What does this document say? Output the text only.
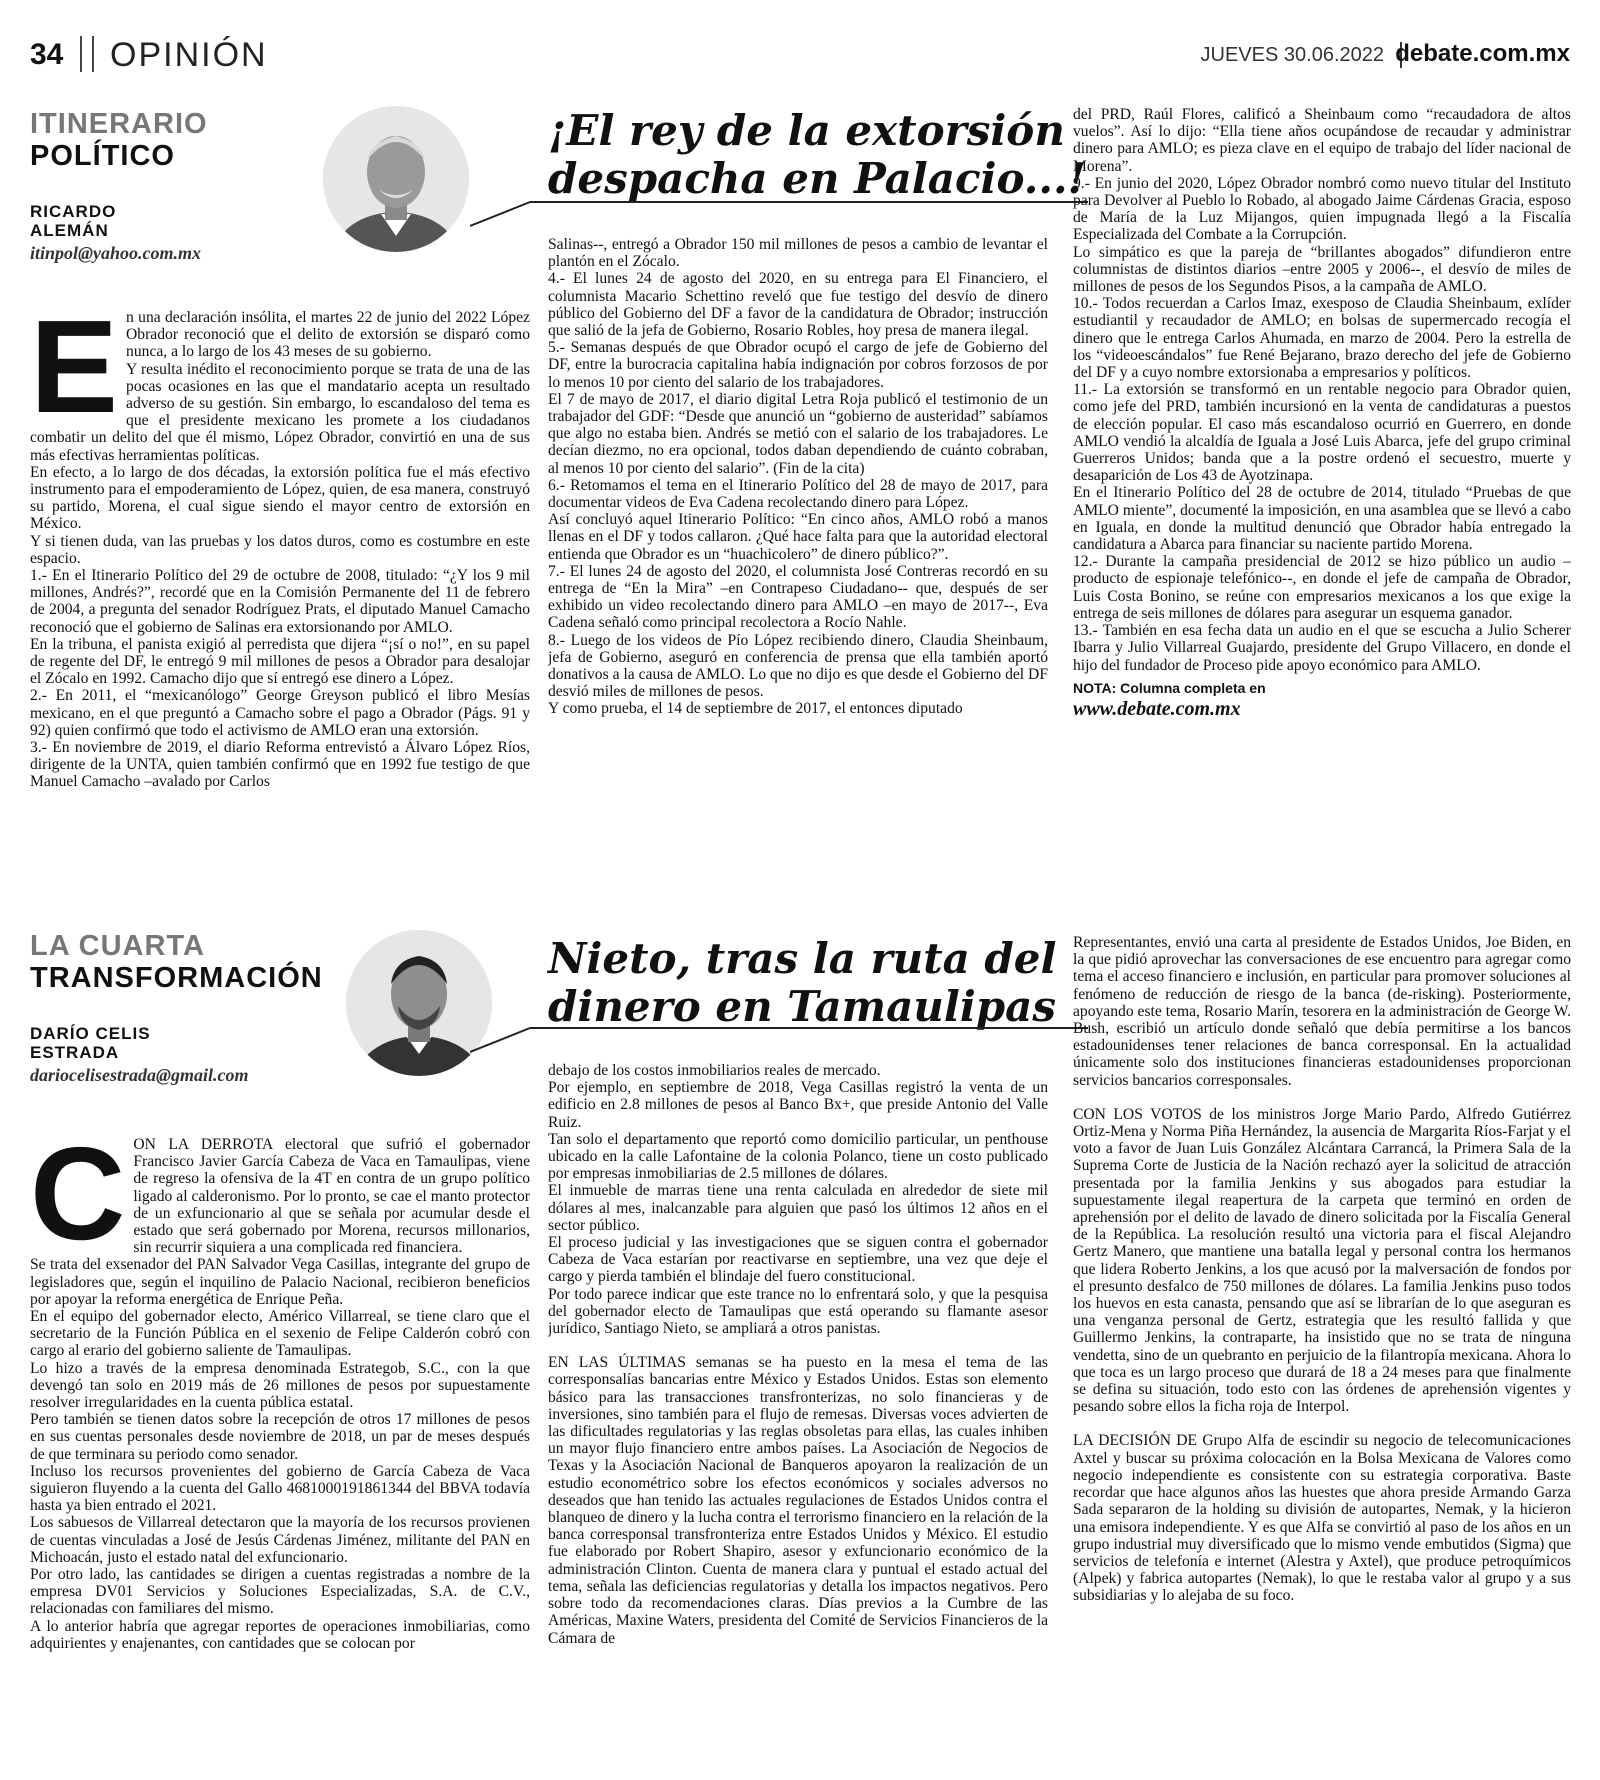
34 OPINIÓN	JUEVES 30.06.2022 debate.com.mx
ITINERARIO
POLÍTICO
RICARDO
ALEMÁN
itinpol@yahoo.com.mx
¡El rey de la extorsión
despacha en Palacio...!
E n una declaración insólita, el martes 22 de junio del 2022 López Obrador reconoció que el delito de extorsión se disparó como nunca, a lo largo de los 43 meses de su gobierno.

Y resulta inédito el reconocimiento porque se trata de una de las pocas ocasiones en las que el mandatario acepta un resultado adverso de su gestión. Sin embargo, lo escandaloso del tema es que el presidente mexicano les promete a los ciudadanos combatir un delito del que él mismo, López Obrador, convirtió en una de sus más efectivas herramientas políticas.

En efecto, a lo largo de dos décadas, la extorsión política fue el más efectivo instrumento para el empoderamiento de López, quien, de esa manera, construyó su partido, Morena, el cual sigue siendo el mayor centro de extorsión en México.

Y si tienen duda, van las pruebas y los datos duros, como es costumbre en este espacio.

1.- En el Itinerario Político del 29 de octubre de 2008, titulado: “¿Y los 9 mil millones, Andrés?”, recordé que en la Comisión Permanente del 11 de febrero de 2004, a pregunta del senador Rodríguez Prats, el diputado Manuel Camacho reconoció que el gobierno de Salinas era extorsionando por AMLO.

En la tribuna, el panista exigió al perredista que dijera “¡sí o no!”, en su papel de regente del DF, le entregó 9 mil millones de pesos a Obrador para desalojar el Zócalo en 1992. Camacho dijo que sí entregó ese dinero a López.

2.- En 2011, el “mexicanólogo” George Greyson publicó el libro Mesías mexicano, en el que preguntó a Camacho sobre el pago a Obrador (Págs. 91 y 92) quien confirmó que todo el activismo de AMLO eran una extorsión.

3.- En noviembre de 2019, el diario Reforma entrevistó a Álvaro López Ríos, dirigente de la UNTA, quien también confirmó que en 1992 fue testigo de que Manuel Camacho –avalado por Carlos

Salinas--, entregó a Obrador 150 mil millones de pesos a cambio de levantar el plantón en el Zócalo.

4.- El lunes 24 de agosto del 2020, en su entrega para El Financiero, el columnista Macario Schettino reveló que fue testigo del desvío de dinero público del Gobierno del DF a favor de la candidatura de Obrador; instrucción que salió de la jefa de Gobierno, Rosario Robles, hoy presa de manera ilegal.

5.- Semanas después de que Obrador ocupó el cargo de jefe de Gobierno del DF, entre la burocracia capitalina había indignación por cobros forzosos de por lo menos 10 por ciento del salario de los trabajadores.

El 7 de mayo de 2017, el diario digital Letra Roja publicó el testimonio de un trabajador del GDF: “Desde que anunció un “gobierno de austeridad” sabíamos que algo no estaba bien. Andrés se metió con el salario de los trabajadores. Le decían diezmo, no era opcional, todos daban dependiendo de cuánto cobraban, al menos 10 por ciento del salario”. (Fin de la cita)

6.- Retomamos el tema en el Itinerario Político del 28 de mayo de 2017, para documentar videos de Eva Cadena recolectando dinero para López.

Así concluyó aquel Itinerario Político: “En cinco años, AMLO robó a manos llenas en el DF y todos callaron. ¿Qué hace falta para que la autoridad electoral entienda que Obrador es un “huachicolero” de dinero público?”.

7.- El lunes 24 de agosto del 2020, el columnista José Contreras recordó en su entrega de “En la Mira” –en Contrapeso Ciudadano-- que, después de ser exhibido un video recolectando dinero para AMLO –en mayo de 2017--, Eva Cadena señaló como principal recolectora a Rocío Nahle.

8.- Luego de los videos de Pío López recibiendo dinero, Claudia Sheinbaum, jefa de Gobierno, aseguró en conferencia de prensa que ella también aportó donativos a la causa de AMLO. Lo que no dijo es que desde el Gobierno del DF desvió miles de millones de pesos.

Y como prueba, el 14 de septiembre de 2017, el entonces diputado

del PRD, Raúl Flores, calificó a Sheinbaum como “recaudadora de altos vuelos”. Así lo dijo: “Ella tiene años ocupándose de recaudar y administrar dinero para AMLO; es pieza clave en el equipo de trabajo del líder nacional de Morena”.

9.- En junio del 2020, López Obrador nombró como nuevo titular del Instituto para Devolver al Pueblo lo Robado, al abogado Jaime Cárdenas Gracia, esposo de María de la Luz Mijangos, quien impugnada llegó a la Fiscalía Especializada del Combate a la Corrupción.

Lo simpático es que la pareja de “brillantes abogados” difundieron entre columnistas de distintos diarios –entre 2005 y 2006--, el desvío de miles de millones de pesos de los Segundos Pisos, a la campaña de AMLO.

10.- Todos recuerdan a Carlos Imaz, exesposo de Claudia Sheinbaum, exlíder estudiantil y recaudador de AMLO; en bolsas de supermercado recogía el dinero que le entrega Carlos Ahumada, en marzo de 2004. Pero la estrella de los “videoescándalos” fue René Bejarano, brazo derecho del jefe de Gobierno del DF y a cuyo nombre extorsionaba a empresarios y políticos.

11.- La extorsión se transformó en un rentable negocio para Obrador quien, como jefe del PRD, también incursionó en la venta de candidaturas a puestos de elección popular. El caso más escandaloso ocurrió en Guerrero, en donde AMLO vendió la alcaldía de Iguala a José Luis Abarca, jefe del grupo criminal Guerreros Unidos; banda que a la postre ordenó el secuestro, muerte y desaparición de Los 43 de Ayotzinapa.

En el Itinerario Político del 28 de octubre de 2014, titulado “Pruebas de que AMLO miente”, documenté la imposición, en una asamblea que se llevó a cabo en Iguala, en donde la multitud denunció que Obrador había entregado la candidatura a Abarca para financiar su naciente partido Morena.

12.- Durante la campaña presidencial de 2012 se hizo público un audio –producto de espionaje telefónico--, en donde el jefe de campaña de Obrador, Luis Costa Bonino, se reúne con empresarios mexicanos a los que exige la entrega de seis millones de dólares para asegurar un esquema ganador.

13.- También en esa fecha data un audio en el que se escucha a Julio Scherer Ibarra y Julio Villarreal Guajardo, presidente del Grupo Villacero, en donde el hijo del fundador de Proceso pide apoyo económico para AMLO.

NOTA: Columna completa en

www.debate.com.mx

LA CUARTA
TRANSFORMACIÓN
DARÍO CELIS
ESTRADA
dariocelisestrada@gmail.com
Nieto, tras la ruta del
dinero en Tamaulipas
C ON LA DERROTA electoral que sufrió el gobernador Francisco Javier García Cabeza de Vaca en Tamaulipas, viene de regreso la ofensiva de la 4T en contra de un grupo político ligado al calderonismo. Por lo pronto, se cae el manto protector de un exfuncionario al que se señala por acumular desde el estado que será gobernado por Morena, recursos millonarios, sin recurrir siquiera a una complicada red financiera.

Se trata del exsenador del PAN Salvador Vega Casillas, integrante del grupo de legisladores que, según el inquilino de Palacio Nacional, recibieron beneficios por apoyar la reforma energética de Enrique Peña.

En el equipo del gobernador electo, Américo Villarreal, se tiene claro que el secretario de la Función Pública en el sexenio de Felipe Calderón cobró con cargo al erario del gobierno saliente de Tamaulipas.

Lo hizo a través de la empresa denominada Estrategob, S.C., con la que devengó tan solo en 2019 más de 26 millones de pesos por supuestamente resolver irregularidades en la cuenta pública estatal.

Pero también se tienen datos sobre la recepción de otros 17 millones de pesos en sus cuentas personales desde noviembre de 2018, un par de meses después de que terminara su periodo como senador.

Incluso los recursos provenientes del gobierno de García Cabeza de Vaca siguieron fluyendo a la cuenta del Gallo 4681000191861344 del BBVA todavía hasta ya bien entrado el 2021.

Los sabuesos de Villarreal detectaron que la mayoría de los recursos provienen de cuentas vinculadas a José de Jesús Cárdenas Jiménez, militante del PAN en Michoacán, justo el estado natal del exfuncionario.

Por otro lado, las cantidades se dirigen a cuentas registradas a nombre de la empresa DV01 Servicios y Soluciones Especializadas, S.A. de C.V., relacionadas con familiares del mismo.

A lo anterior habría que agregar reportes de operaciones inmobiliarias, como adquirientes y enajenantes, con cantidades que se colocan por

debajo de los costos inmobiliarios reales de mercado.

Por ejemplo, en septiembre de 2018, Vega Casillas registró la venta de un edificio en 2.8 millones de pesos al Banco Bx+, que preside Antonio del Valle Ruiz.

Tan solo el departamento que reportó como domicilio particular, un penthouse ubicado en la calle Lafontaine de la colonia Polanco, tiene un costo publicado por empresas inmobiliarias de 2.5 millones de dólares.

El inmueble de marras tiene una renta calculada en alrededor de siete mil dólares al mes, inalcanzable para alguien que pasó los últimos 12 años en el sector público.

El proceso judicial y las investigaciones que se siguen contra el gobernador Cabeza de Vaca estarían por reactivarse en septiembre, una vez que deje el cargo y pierda también el blindaje del fuero constitucional.

Por todo parece indicar que este trance no lo enfrentará solo, y que la pesquisa del gobernador electo de Tamaulipas que está operando su flamante asesor jurídico, Santiago Nieto, se ampliará a otros panistas.

EN LAS ÚLTIMAS semanas se ha puesto en la mesa el tema de las corresponsalías bancarias entre México y Estados Unidos. Estas son elemento básico para las transacciones transfronterizas, no solo financieras y de inversiones, sino también para el flujo de remesas. Diversas voces advierten de las dificultades regulatorias y las reglas obsoletas para ellas, las cuales inhiben un mayor flujo financiero entre ambos países. La Asociación de Negocios de Texas y la Asociación Nacional de Banqueros apoyaron la realización de un estudio econométrico sobre los efectos económicos y sociales adversos no deseados que han tenido las actuales regulaciones de Estados Unidos contra el blanqueo de dinero y la lucha contra el terrorismo financiero en la relación de la banca corresponsal transfronteriza entre Estados Unidos y México. El estudio fue elaborado por Robert Shapiro, asesor y exfuncionario económico de la administración Clinton. Cuenta de manera clara y puntual el estado actual del tema, señala las deficiencias regulatorias y detalla los impactos negativos. Pero sobre todo da recomendaciones claras. Días previos a la Cumbre de las Américas, Maxine Waters, presidenta del Comité de Servicios Financieros de la Cámara de

Representantes, envió una carta al presidente de Estados Unidos, Joe Biden, en la que pidió aprovechar las conversaciones de ese encuentro para agregar como tema el acceso financiero e inclusión, en particular para promover soluciones al fenómeno de reducción de riesgo de la banca (de-risking). Posteriormente, apoyando este tema, Rosario Marín, tesorera en la administración de George W. Bush, escribió un artículo donde señaló que debía permitirse a los bancos estadounidenses tener relaciones de banca corresponsal. En la actualidad únicamente solo dos instituciones financieras estadounidenses proporcionan servicios bancarios corresponsales.

CON LOS VOTOS de los ministros Jorge Mario Pardo, Alfredo Gutiérrez Ortiz-Mena y Norma Piña Hernández, la ausencia de Margarita Ríos-Farjat y el voto a favor de Juan Luis González Alcántara Carrancá, la Primera Sala de la Suprema Corte de Justicia de la Nación rechazó ayer la solicitud de atracción presentada por la familia Jenkins y sus abogados para estudiar la supuestamente ilegal reapertura de la carpeta que terminó en orden de aprehensión por el delito de lavado de dinero solicitada por la Fiscalía General de la República. La resolución resultó una victoria para el fiscal Alejandro Gertz Manero, que mantiene una batalla legal y personal contra los hermanos que lidera Roberto Jenkins, a los que acusó por la malversación de fondos por el presunto desfalco de 750 millones de dólares. La familia Jenkins puso todos los huevos en esta canasta, pensando que así se librarían de lo que aseguran es una venganza personal de Gertz, estrategia que les resultó fallida y que Guillermo Jenkins, la contraparte, ha insistido que no se trata de ninguna vendetta, sino de un quebranto en perjuicio de la filantropía mexicana. Ahora lo que toca es un largo proceso que durará de 18 a 24 meses para que finalmente se defina su situación, todo esto con las órdenes de aprehensión vigentes y pesando sobre ellos la ficha roja de Interpol.

LA DECISIÓN DE Grupo Alfa de escindir su negocio de telecomunicaciones Axtel y buscar su próxima colocación en la Bolsa Mexicana de Valores como negocio independiente es consistente con su estrategia corporativa. Baste recordar que hace algunos años las huestes que ahora preside Armando Garza Sada separaron de la holding su división de autopartes, Nemak, y la hicieron una emisora independiente. Y es que Alfa se convirtió al paso de los años en un grupo industrial muy diversificado que lo mismo vende embutidos (Sigma) que servicios de telefonía e internet (Alestra y Axtel), que produce petroquímicos (Alpek) y fabrica autopartes (Nemak), lo que le restaba valor al grupo y a sus subsidiarias y lo alejaba de su foco.
